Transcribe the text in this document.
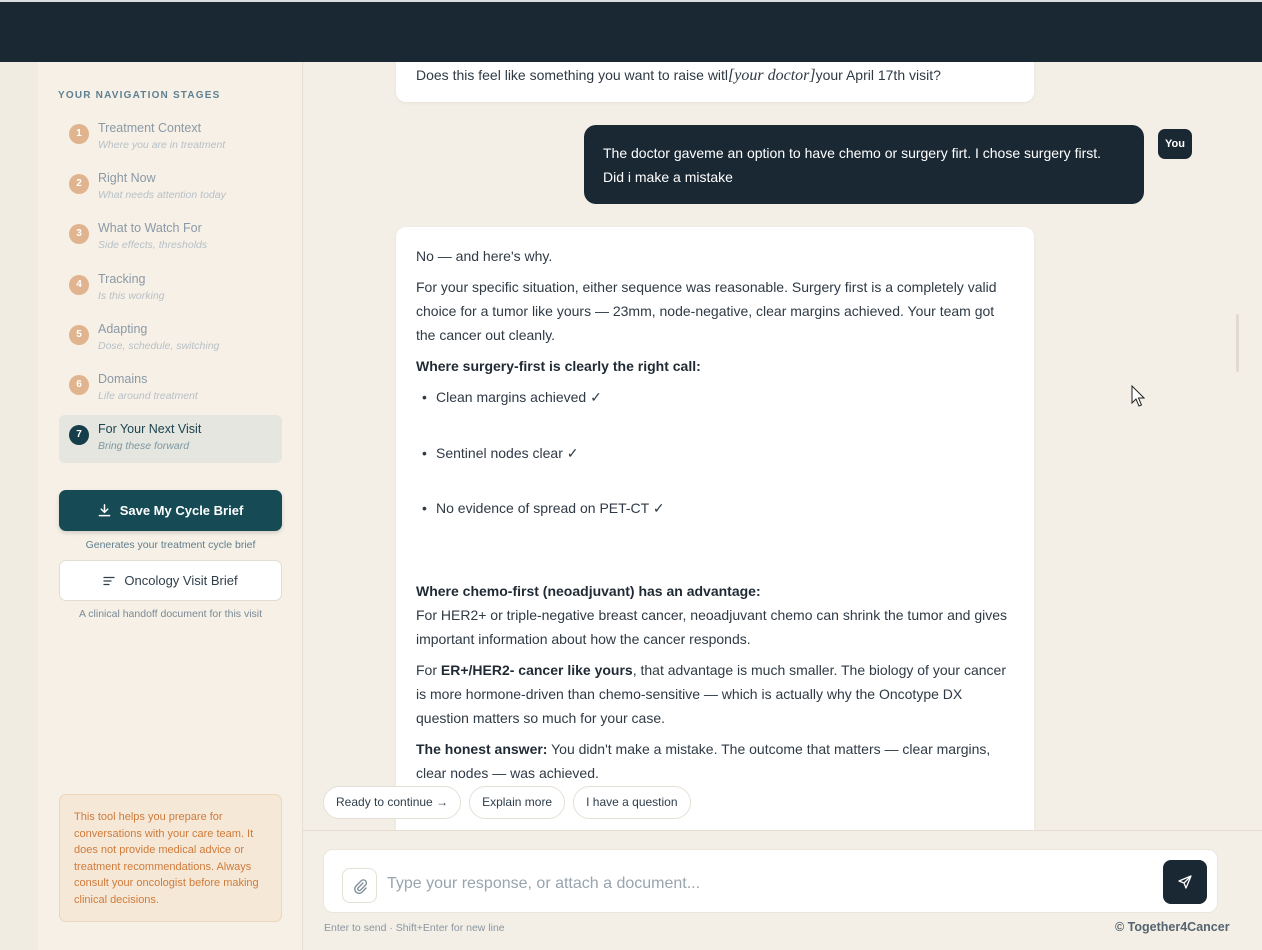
YOUR NAVIGATION STAGES
1	Treatment Context
Where you are in treatment
2	Right Now
What needs attention today
3	What to Watch For
Side effects, thresholds
4	Tracking
Is this working
5	Adapting
Dose, schedule, switching
6	Domains
Life around treatment
7	For Your Next Visit
Bring these forward
Save My Cycle Brief
Generates your treatment cycle brief
Oncology Visit Brief
A clinical handoff document for this visit
This tool helps you prepare for conversations with your care team. It does not provide medical advice or treatment recommendations. Always consult your oncologist before making clinical decisions.
Does this feel like something you want to raise witl[your doctor]your April 17th visit?
The doctor gaveme an option to have chemo or surgery firt. I chose surgery first. Did i make a mistake
You

No — and here's why.

For your specific situation, either sequence was reasonable. Surgery first is a completely valid choice for a tumor like yours — 23mm, node-negative, clear margins achieved. Your team got the cancer out cleanly.

Where surgery-first is clearly the right call:

• Clean margins achieved ✓
• Sentinel nodes clear ✓
• No evidence of spread on PET-CT ✓
Where chemo-first (neoadjuvant) has an advantage:

For HER2+ or triple-negative breast cancer, neoadjuvant chemo can shrink the tumor and gives important information about how the cancer responds.

For ER+/HER2- cancer like yours, that advantage is much smaller. The biology of your cancer is more hormone-driven than chemo-sensitive — which is actually why the Oncotype DX question matters so much for your case.

The honest answer: You didn't make a mistake. The outcome that matters — clear margins, clear nodes — was achieved.

Ready to continue →	Explain more	I have a question
Type your response, or attach a document...
Enter to send · Shift+Enter for new line	© Together4Cancer
